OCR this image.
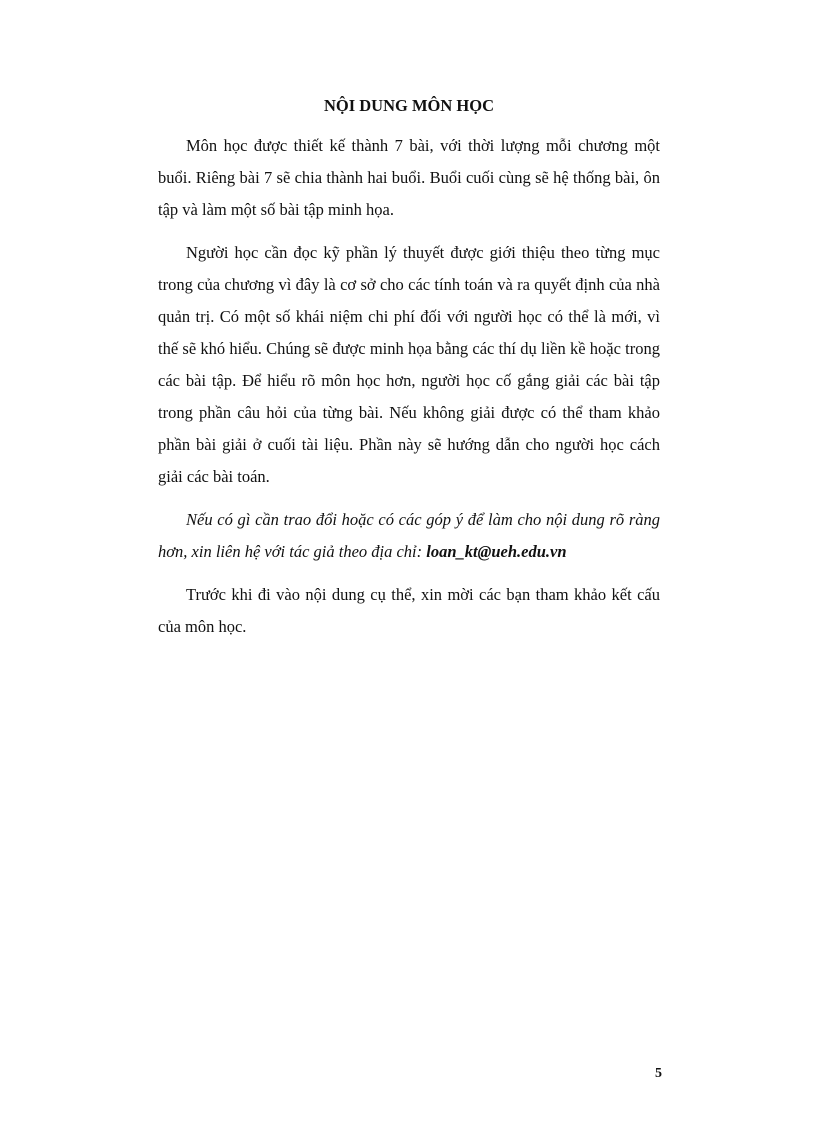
NỘI DUNG MÔN HỌC

Môn học được thiết kế thành 7 bài, với thời lượng mỗi chương một buổi. Riêng bài 7 sẽ chia thành hai buổi. Buổi cuối cùng sẽ hệ thống bài, ôn tập và làm một số bài tập minh họa.

Người học cần đọc kỹ phần lý thuyết được giới thiệu theo từng mục trong của chương vì đây là cơ sở cho các tính toán và ra quyết định của nhà quản trị. Có một số khái niệm chi phí đối với người học có thể là mới, vì thế sẽ khó hiểu. Chúng sẽ được minh họa bằng các thí dụ liền kề hoặc trong các bài tập. Để hiểu rõ môn học hơn, người học cố gắng giải các bài tập trong phần câu hỏi của từng bài. Nếu không giải được có thể tham khảo phần bài giải ở cuối tài liệu. Phần này sẽ hướng dẫn cho người học cách giải các bài toán.

Nếu có gì cần trao đổi hoặc có các góp ý để làm cho nội dung rõ ràng hơn, xin liên hệ với tác giả theo địa chỉ: loan_kt@ueh.edu.vn

Trước khi đi vào nội dung cụ thể, xin mời các bạn tham khảo kết cấu của môn học.

5
